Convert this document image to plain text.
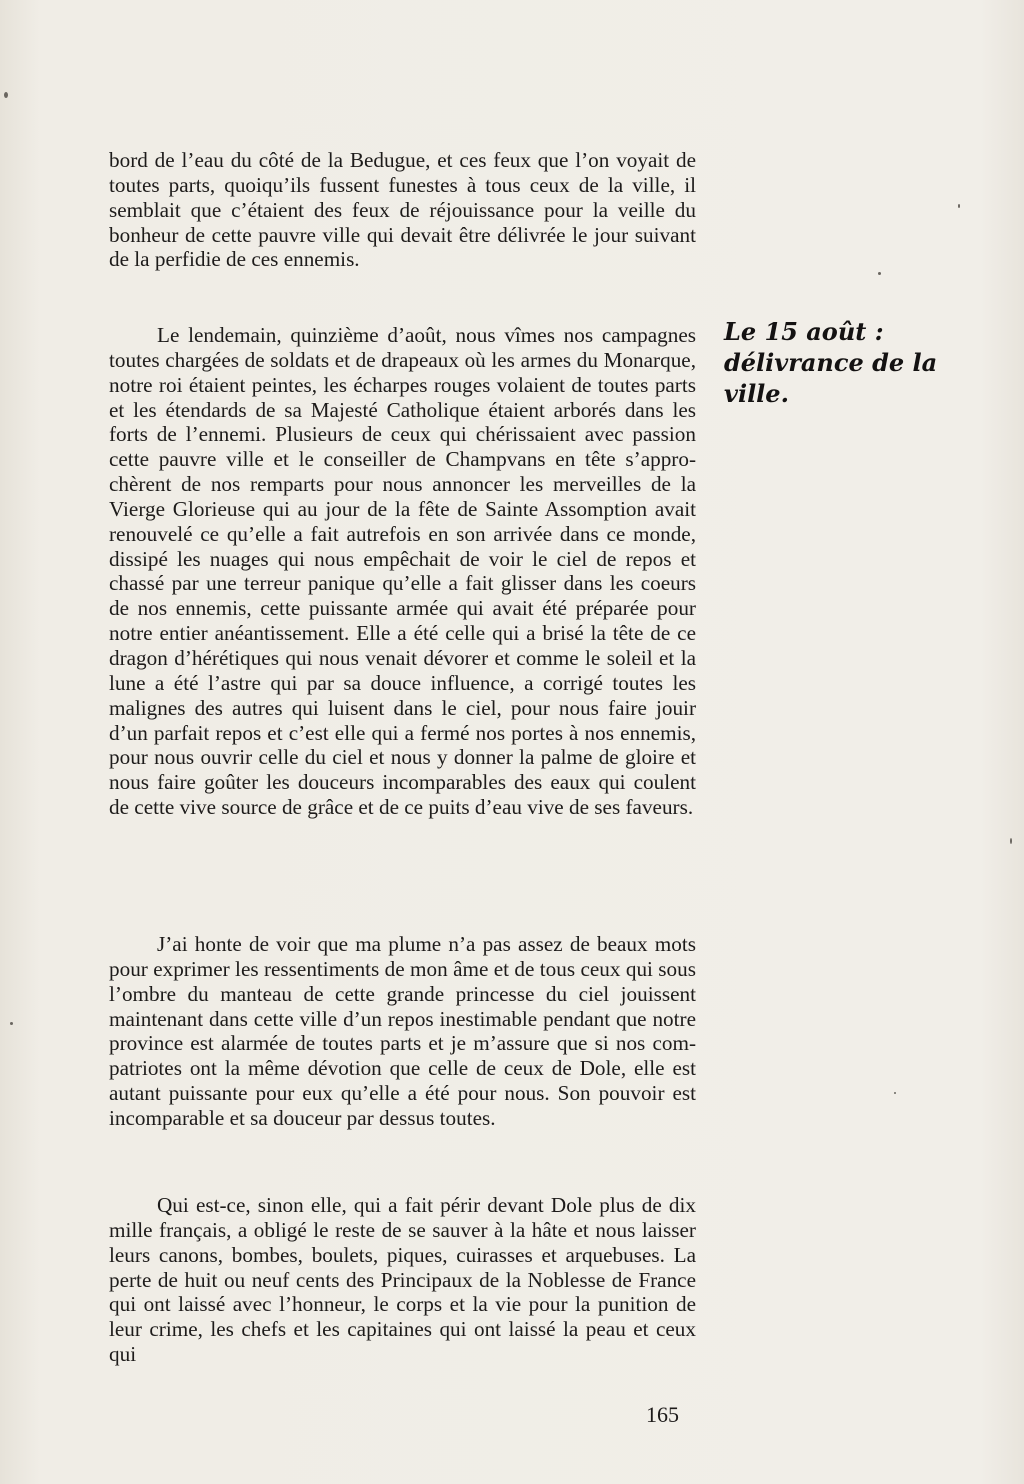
bord de l’eau du côté de la Bedugue, et ces feux que l’on voyait de toutes parts, quoiqu’ils fussent funestes à tous ceux de la ville, il semblait que c’étaient des feux de réjouissance pour la veille du bonheur de cette pauvre ville qui devait être délivrée le jour suivant de la perfidie de ces ennemis.

Le lendemain, quinzième d’août, nous vîmes nos campagnes toutes chargées de soldats et de drapeaux où les armes du Monarque, notre roi étaient peintes, les écharpes rouges volaient de toutes parts et les étendards de sa Majesté Catholique étaient arborés dans les forts de l’ennemi. Plusieurs de ceux qui chérissaient avec passion cette pauvre ville et le conseiller de Champvans en tête s’approchèrent de nos remparts pour nous annoncer les merveilles de la Vierge Glorieuse qui au jour de la fête de Sainte Assomption avait renouvelé ce qu’elle a fait autrefois en son arrivée dans ce monde, dissipé les nuages qui nous empêchait de voir le ciel de repos et chassé par une terreur panique qu’elle a fait glisser dans les coeurs de nos ennemis, cette puissante armée qui avait été préparée pour notre entier anéantissement. Elle a été celle qui a brisé la tête de ce dragon d’hérétiques qui nous venait dévorer et comme le soleil et la lune a été l’astre qui par sa douce influence, a corrigé toutes les malignes des autres qui luisent dans le ciel, pour nous faire jouir d’un parfait repos et c’est elle qui a fermé nos portes à nos ennemis, pour nous ouvrir celle du ciel et nous y donner la palme de gloire et nous faire goûter les douceurs incomparables des eaux qui coulent de cette vive source de grâce et de ce puits d’eau vive de ses faveurs.

J’ai honte de voir que ma plume n’a pas assez de beaux mots pour exprimer les ressentiments de mon âme et de tous ceux qui sous l’ombre du manteau de cette grande princesse du ciel jouissent maintenant dans cette ville d’un repos inestimable pendant que notre province est alarmée de toutes parts et je m’assure que si nos compatriotes ont la même dévotion que celle de ceux de Dole, elle est autant puissante pour eux qu’elle a été pour nous. Son pouvoir est incomparable et sa douceur par dessus toutes.

Qui est-ce, sinon elle, qui a fait périr devant Dole plus de dix mille français, a obligé le reste de se sauver à la hâte et nous laisser leurs canons, bombes, boulets, piques, cuirasses et arquebuses. La perte de huit ou neuf cents des Principaux de la Noblesse de France qui ont laissé avec l’honneur, le corps et la vie pour la punition de leur crime, les chefs et les capitaines qui ont laissé la peau et ceux qui

Le 15 août : délivrance de la ville.
165
